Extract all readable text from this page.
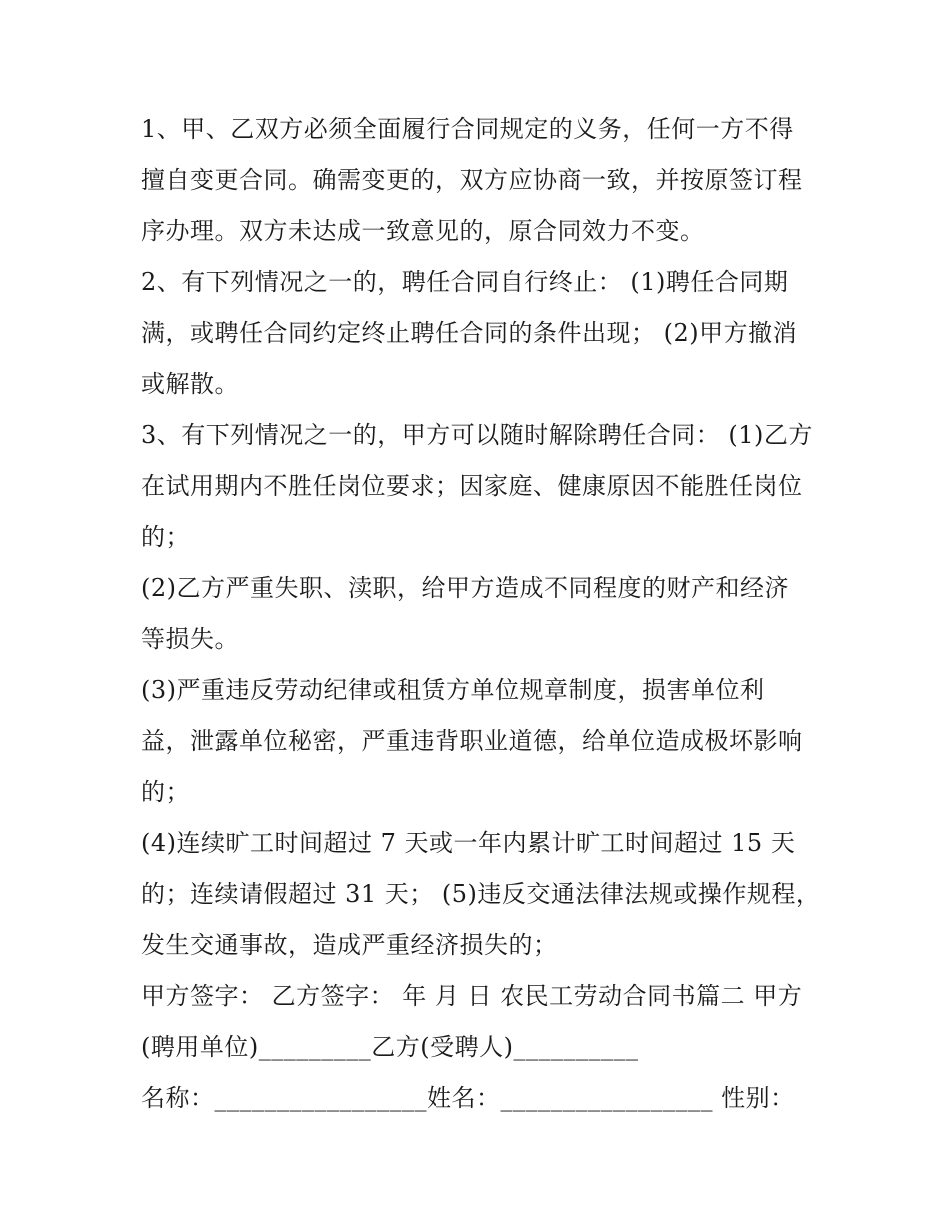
1、甲、乙双方必须全面履行合同规定的义务，任何一方不得
擅自变更合同。确需变更的，双方应协商一致，并按原签订程
序办理。双方未达成一致意见的，原合同效力不变。
2、有下列情况之一的，聘任合同自行终止： (1)聘任合同期
满，或聘任合同约定终止聘任合同的条件出现； (2)甲方撤消
或解散。
3、有下列情况之一的，甲方可以随时解除聘任合同： (1)乙方
在试用期内不胜任岗位要求；因家庭、健康原因不能胜任岗位
的；
(2)乙方严重失职、渎职，给甲方造成不同程度的财产和经济
等损失。
(3)严重违反劳动纪律或租赁方单位规章制度，损害单位利
益，泄露单位秘密，严重违背职业道德，给单位造成极坏影响
的；
(4)连续旷工时间超过 7 天或一年内累计旷工时间超过 15 天
的；连续请假超过 31 天； (5)违反交通法律法规或操作规程，
发生交通事故，造成严重经济损失的；
甲方签字： 乙方签字： 年 月 日 农民工劳动合同书篇二 甲方
(聘用单位)_________乙方(受聘人)__________
名称：_________________姓名：_________________ 性别：
